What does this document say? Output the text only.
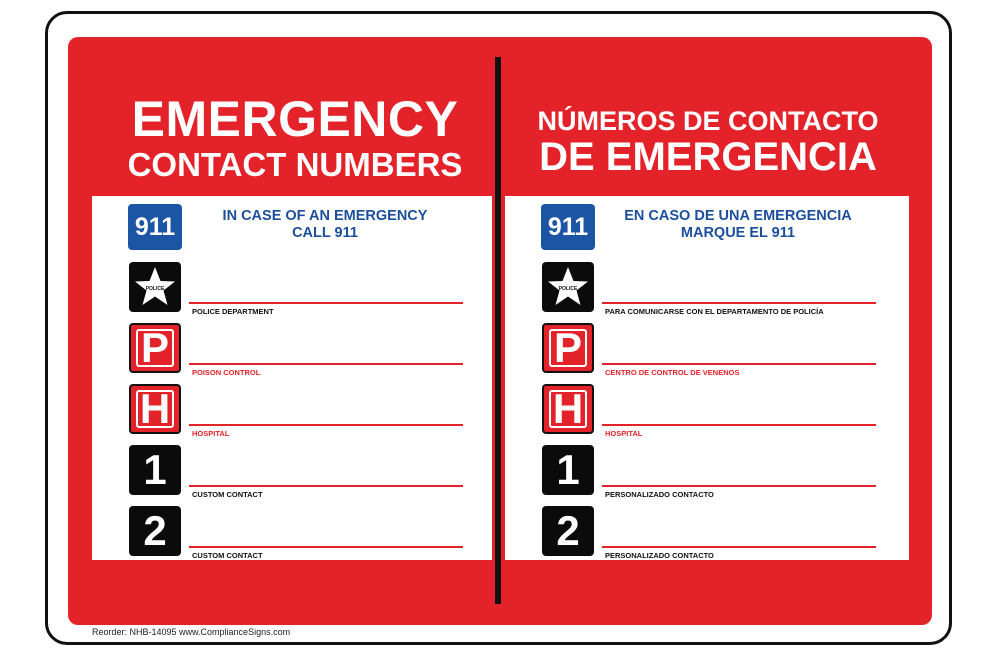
EMERGENCY
CONTACT NUMBERS
NÚMEROS DE CONTACTO
DE EMERGENCIA
911	IN CASE OF AN EMERGENCY
CALL 911
POLICE
POLICE DEPARTMENT
P
POISON CONTROL
H
HOSPITAL
1
CUSTOM CONTACT
2
CUSTOM CONTACT
911	EN CASO DE UNA EMERGENCIA
MARQUE EL 911
POLICE
PARA COMUNICARSE CON EL DEPARTAMENTO DE POLICÍA
P
CENTRO DE CONTROL DE VENENOS
H
HOSPITAL
1
PERSONALIZADO CONTACTO
2
PERSONALIZADO CONTACTO
Reorder: NHB-14095 www.ComplianceSigns.com
